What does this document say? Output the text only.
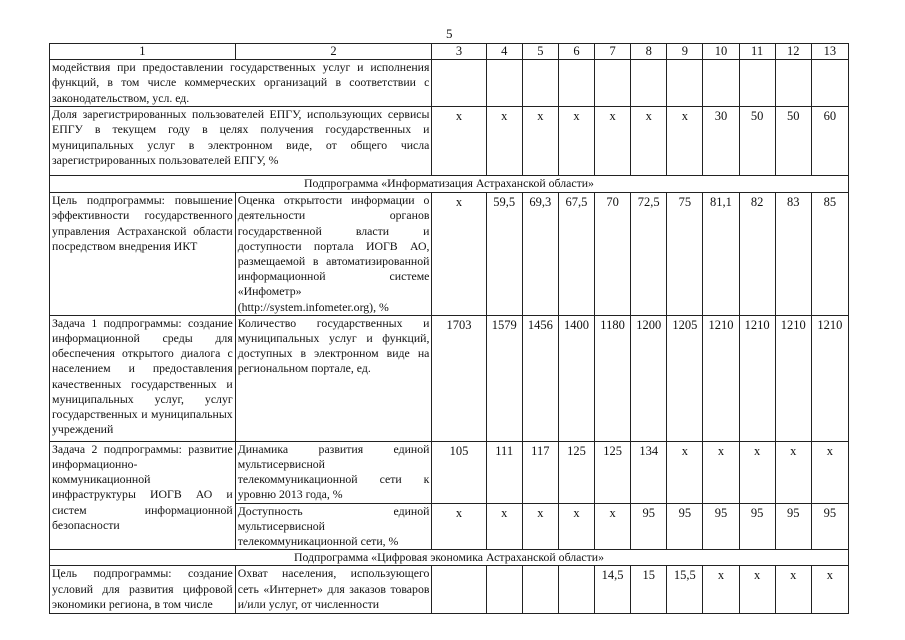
5
1	2	3	4	5	6	7	8	9	10	11	12	13
модействия при предоставлении государственных услуг и исполнения функций, в том числе коммерческих организаций в соответствии с законодательством, усл. ед.												
Доля зарегистрированных пользователей ЕПГУ, использующих сервисы ЕПГУ в текущем году в целях получения государственных и муниципальных услуг в электронном виде, от общего числа зарегистрированных пользователей ЕПГУ, %		х	х	х	х	х	х	х	30	50	50	60
Подпрограмма «Информатизация Астраханской области»												
Цель подпрограммы: повышение эффективности государственного управления Астраханской области посредством внедрения ИКТ	Оценка открытости информации о деятельности органов государственной власти и доступности портала ИОГВ АО, размещаемой в автоматизированной информационной системе «Инфометр» (http://system.infometer.org), %	х	59,5	69,3	67,5	70	72,5	75	81,1	82	83	85
Задача 1 подпрограммы: создание информационной среды для обеспечения открытого диалога с населением и предоставления качественных государственных и муниципальных услуг, услуг государственных и муниципальных учреждений	Количество государственных и муниципальных услуг и функций, доступных в электронном виде на региональном портале, ед.	1703	1579	1456	1400	1180	1200	1205	1210	1210	1210	1210
Задача 2 подпрограммы: развитие информационно-коммуникационной инфраструктуры ИОГВ АО и систем информационной безопасности	Динамика развития единой мультисервисной телекоммуникационной сети к уровню 2013 года, %	105	111	117	125	125	134	х	х	х	х	х
	Доступность единой мультисервисной телекоммуникационной сети, %	х	х	х	х	х	95	95	95	95	95	95
Подпрограмма «Цифровая экономика Астраханской области»												
Цель подпрограммы: создание условий для развития цифровой экономики региона, в том числе	Охват населения, использующего сеть «Интернет» для заказов товаров и/или услуг, от численности					14,5	15	15,5	х	х	х	х
